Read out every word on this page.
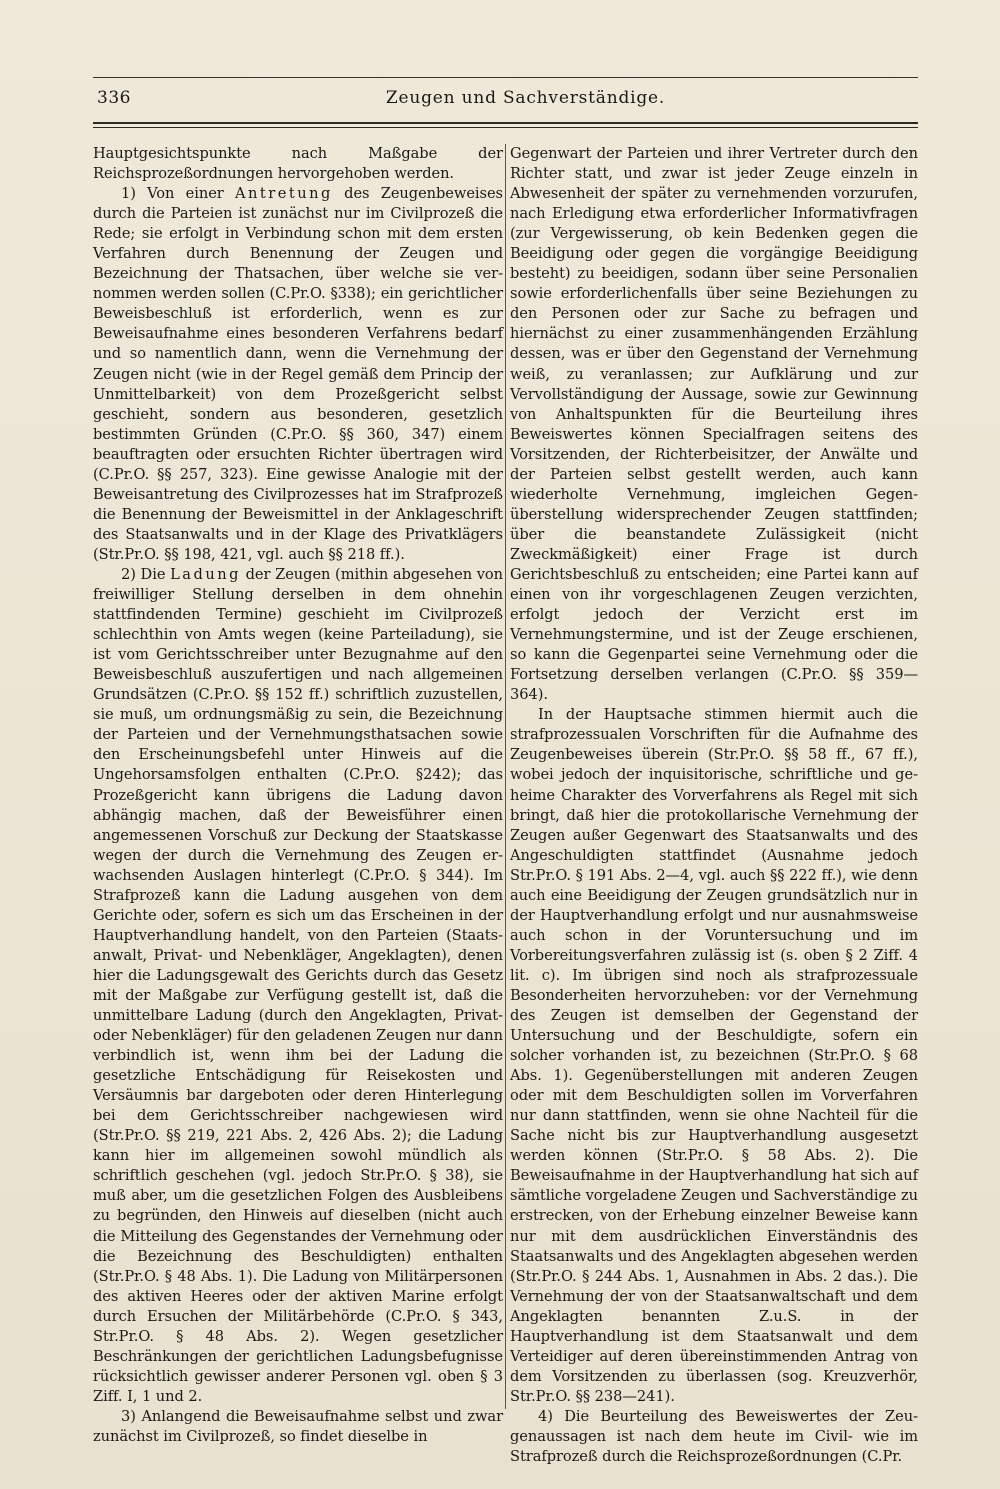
336	Zeugen und Sachverständige.

Hauptgesichtspunkte nach Maßgabe der Reichsprozeßordnungen hervorgehoben werden.

1) Von einer Antretung des Zeugenbeweises durch die Parteien ist zunächst nur im Civilprozeß die Rede; sie erfolgt in Verbindung schon mit dem ersten Verfahren durch Benennung der Zeugen und Bezeichnung der Thatsachen, über welche sie vernommen werden sollen (C.Pr.O. §338); ein gerichtlicher Beweisbeschluß ist erforderlich, wenn es zur Beweisaufnahme eines besonderen Verfahrens bedarf und so namentlich dann, wenn die Vernehmung der Zeugen nicht (wie in der Regel gemäß dem Princip der Unmittelbarkeit) von dem Prozeßgericht selbst geschieht, sondern aus besonderen, gesetzlich bestimmten Gründen (C.Pr.O. §§ 360, 347) einem beauftragten oder ersuchten Richter übertragen wird (C.Pr.O. §§ 257, 323). Eine gewisse Analogie mit der Beweisantretung des Civilprozesses hat im Strafprozeß die Benennung der Beweismittel in der Anklageschrift des Staatsanwalts und in der Klage des Privatklägers (Str.Pr.O. §§ 198, 421, vgl. auch §§ 218 ff.).

2) Die Ladung der Zeugen (mithin abgesehen von freiwilliger Stellung derselben in dem ohnehin stattfindenden Termine) geschieht im Civilprozeß schlechthin von Amts wegen (keine Parteiladung), sie ist vom Gerichtsschreiber unter Bezugnahme auf den Beweisbeschluß auszufertigen und nach allgemeinen Grundsätzen (C.Pr.O. §§ 152 ff.) schriftlich zuzustellen, sie muß, um ordnungsmäßig zu sein, die Bezeichnung der Parteien und der Vernehmungsthatsachen sowie den Erscheinungsbefehl unter Hinweis auf die Ungehorsamsfolgen enthalten (C.Pr.O. §242); das Prozeßgericht kann übrigens die Ladung davon abhängig machen, daß der Beweisführer einen angemessenen Vorschuß zur Deckung der Staatskasse wegen der durch die Vernehmung des Zeugen erwachsenden Auslagen hinterlegt (C.Pr.O. § 344). Im Strafprozeß kann die Ladung ausgehen von dem Gerichte oder, sofern es sich um das Erscheinen in der Hauptverhandlung handelt, von den Parteien (Staatsanwalt, Privat- und Nebenkläger, Angeklagten), denen hier die Ladungsgewalt des Gerichts durch das Gesetz mit der Maßgabe zur Verfügung gestellt ist, daß die unmittelbare Ladung (durch den Angeklagten, Privat- oder Nebenkläger) für den geladenen Zeugen nur dann verbindlich ist, wenn ihm bei der Ladung die gesetzliche Entschädigung für Reisekosten und Versäumnis bar dargeboten oder deren Hinterlegung bei dem Gerichtsschreiber nachgewiesen wird (Str.Pr.O. §§ 219, 221 Abs. 2, 426 Abs. 2); die Ladung kann hier im allgemeinen sowohl mündlich als schriftlich geschehen (vgl. jedoch Str.Pr.O. § 38), sie muß aber, um die gesetzlichen Folgen des Ausbleibens zu begründen, den Hinweis auf dieselben (nicht auch die Mitteilung des Gegenstandes der Vernehmung oder die Bezeichnung des Beschuldigten) enthalten (Str.Pr.O. § 48 Abs. 1). Die Ladung von Militärpersonen des aktiven Heeres oder der aktiven Marine erfolgt durch Ersuchen der Militärbehörde (C.Pr.O. § 343, Str.Pr.O. § 48 Abs. 2). Wegen gesetzlicher Beschränkungen der gerichtlichen Ladungsbefugnisse rücksichtlich gewisser anderer Personen vgl. oben § 3 Ziff. I, 1 und 2.

3) Anlangend die Beweisaufnahme selbst und zwar zunächst im Civilprozeß, so findet dieselbe in

Gegenwart der Parteien und ihrer Vertreter durch den Richter statt, und zwar ist jeder Zeuge einzeln in Abwesenheit der später zu vernehmenden vorzurufen, nach Erledigung etwa erforderlicher Informativfragen (zur Vergewisserung, ob kein Bedenken gegen die Beeidigung oder gegen die vorgängige Beeidigung besteht) zu beeidigen, sodann über seine Personalien sowie erforderlichenfalls über seine Beziehungen zu den Personen oder zur Sache zu befragen und hiernächst zu einer zusammenhängenden Erzählung dessen, was er über den Gegenstand der Vernehmung weiß, zu veranlassen; zur Aufklärung und zur Vervollständigung der Aussage, sowie zur Gewinnung von Anhaltspunkten für die Beurteilung ihres Beweiswertes können Specialfragen seitens des Vorsitzenden, der Richterbeisitzer, der Anwälte und der Parteien selbst gestellt werden, auch kann wiederholte Vernehmung, imgleichen Gegenüberstellung widersprechender Zeugen stattfinden; über die beanstandete Zulässigkeit (nicht Zweckmäßigkeit) einer Frage ist durch Gerichtsbeschluß zu entscheiden; eine Partei kann auf einen von ihr vorgeschlagenen Zeugen verzichten, erfolgt jedoch der Verzicht erst im Vernehmungstermine, und ist der Zeuge erschienen, so kann die Gegenpartei seine Vernehmung oder die Fortsetzung derselben verlangen (C.Pr.O. §§ 359—364).

In der Hauptsache stimmen hiermit auch die strafprozessualen Vorschriften für die Aufnahme des Zeugenbeweises überein (Str.Pr.O. §§ 58 ff., 67 ff.), wobei jedoch der inquisitorische, schriftliche und geheime Charakter des Vorverfahrens als Regel mit sich bringt, daß hier die protokollarische Vernehmung der Zeugen außer Gegenwart des Staatsanwalts und des Angeschuldigten stattfindet (Ausnahme jedoch Str.Pr.O. § 191 Abs. 2—4, vgl. auch §§ 222 ff.), wie denn auch eine Beeidigung der Zeugen grundsätzlich nur in der Hauptverhandlung erfolgt und nur ausnahmsweise auch schon in der Voruntersuchung und im Vorbereitungsverfahren zulässig ist (s. oben § 2 Ziff. 4 lit. c). Im übrigen sind noch als strafprozessuale Besonderheiten hervorzuheben: vor der Vernehmung des Zeugen ist demselben der Gegenstand der Untersuchung und der Beschuldigte, sofern ein solcher vorhanden ist, zu bezeichnen (Str.Pr.O. § 68 Abs. 1). Gegenüberstellungen mit anderen Zeugen oder mit dem Beschuldigten sollen im Vorverfahren nur dann stattfinden, wenn sie ohne Nachteil für die Sache nicht bis zur Hauptverhandlung ausgesetzt werden können (Str.Pr.O. § 58 Abs. 2). Die Beweisaufnahme in der Hauptverhandlung hat sich auf sämtliche vorgeladene Zeugen und Sachverständige zu erstrecken, von der Erhebung einzelner Beweise kann nur mit dem ausdrücklichen Einverständnis des Staatsanwalts und des Angeklagten abgesehen werden (Str.Pr.O. § 244 Abs. 1, Ausnahmen in Abs. 2 das.). Die Vernehmung der von der Staatsanwaltschaft und dem Angeklagten benannten Z.u.S. in der Hauptverhandlung ist dem Staatsanwalt und dem Verteidiger auf deren übereinstimmenden Antrag von dem Vorsitzenden zu überlassen (sog. Kreuzverhör, Str.Pr.O. §§ 238—241).

4) Die Beurteilung des Beweiswertes der Zeugenaussagen ist nach dem heute im Civil- wie im Strafprozeß durch die Reichsprozeßordnungen (C.Pr.
